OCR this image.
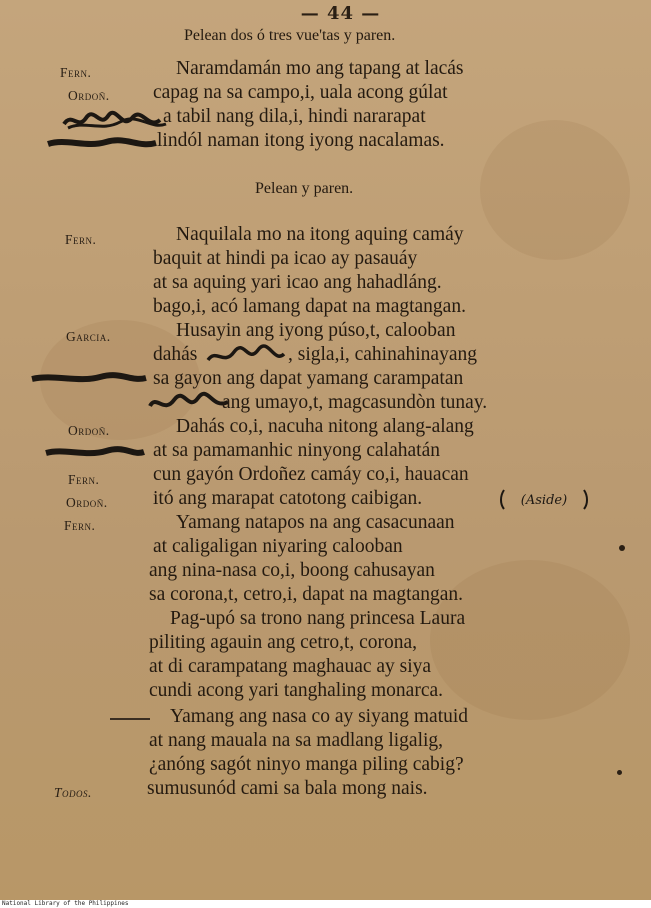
— 44 —
Pelean dos ó tres vue'tas y paren.
Fern.	Naramdamán mo ang tapang at lacás
Ordoñ. capag na sa campo,i, uala acong gúlat
a tabil nang dila,i, hindi nararapat
lindól naman itong iyong nacalamas.
Pelean y paren.
Fern.	Naquilala mo na itong aquing camáy
baquit at hindi pa icao ay pasauáy
at sa aquing yari icao ang hahadláng.
bago,i, acó lamang dapat na magtangan.
Garcia.	Husayin ang iyong púso,t, calooban
dahás	, sigla,i, cahinahinayang
sa gayon ang dapat yamang carampatan
ang umayo,t, magcasundòn tunay.
Ordoñ.	Dahás co,i, nacuha nitong alang-alang
at sa pamamanhic ninyong calahatán
Fern.	cun gayón Ordoñez camáy co,i, hauacan
Ordoñ. itó ang marapat catotong caibigan.	(Aside)
Fern.	Yamang natapos na ang casacunaan
at caligaligan niyaring calooban
ang nina-nasa co,i, boong cahusayan
sa corona,t, cetro,i, dapat na magtangan.
Pag-upó sa trono nang princesa Laura
piliting agauin ang cetro,t, corona,
at di carampatang maghauac ay siya
cundi acong yari tanghaling monarca.
Yamang ang nasa co ay siyang matuid
at nang mauala na sa madlang ligalig,
¿anóng sagót ninyo manga piling cabig?
Todos.	sumusunód cami sa bala mong nais.
National Library of the Philippines
